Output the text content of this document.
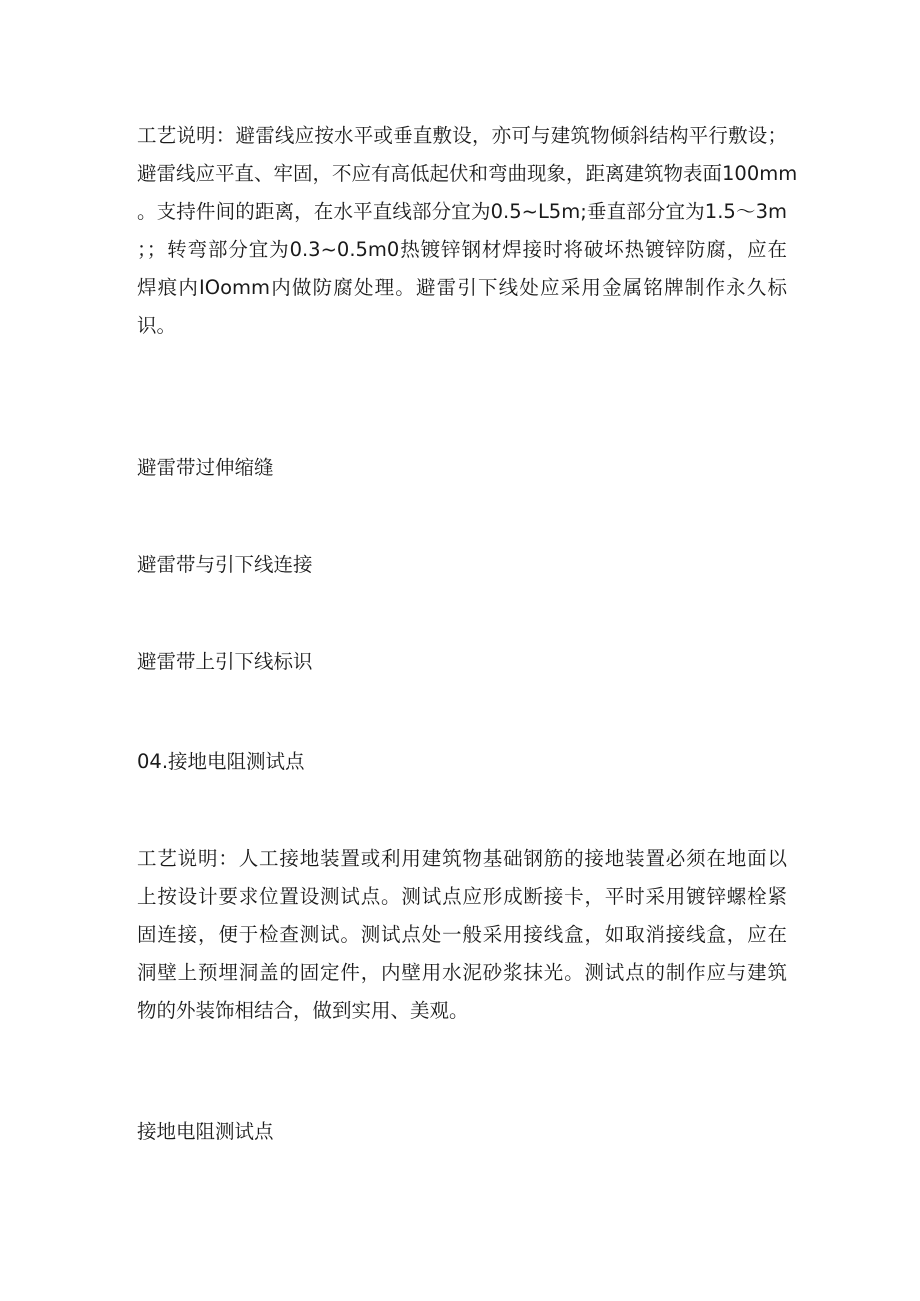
工艺说明：避雷线应按水平或垂直敷设，亦可与建筑物倾斜结构平行敷设；
避雷线应平直、牢固，不应有高低起伏和弯曲现象，距离建筑物表面100mm
。支持件间的距离，在水平直线部分宜为0.5~L5m;垂直部分宜为1.5～3m
；；转弯部分宜为0.3~0.5m0热镀锌钢材焊接时将破坏热镀锌防腐，应在
焊痕内IOomm内做防腐处理。避雷引下线处应采用金属铭牌制作永久标
识。
避雷带过伸缩缝
避雷带与引下线连接
避雷带上引下线标识
04.接地电阻测试点
工艺说明：人工接地装置或利用建筑物基础钢筋的接地装置必须在地面以
上按设计要求位置设测试点。测试点应形成断接卡，平时采用镀锌螺栓紧
固连接，便于检查测试。测试点处一般采用接线盒，如取消接线盒，应在
洞壁上预埋洞盖的固定件，内壁用水泥砂浆抹光。测试点的制作应与建筑
物的外装饰相结合，做到实用、美观。
接地电阻测试点
